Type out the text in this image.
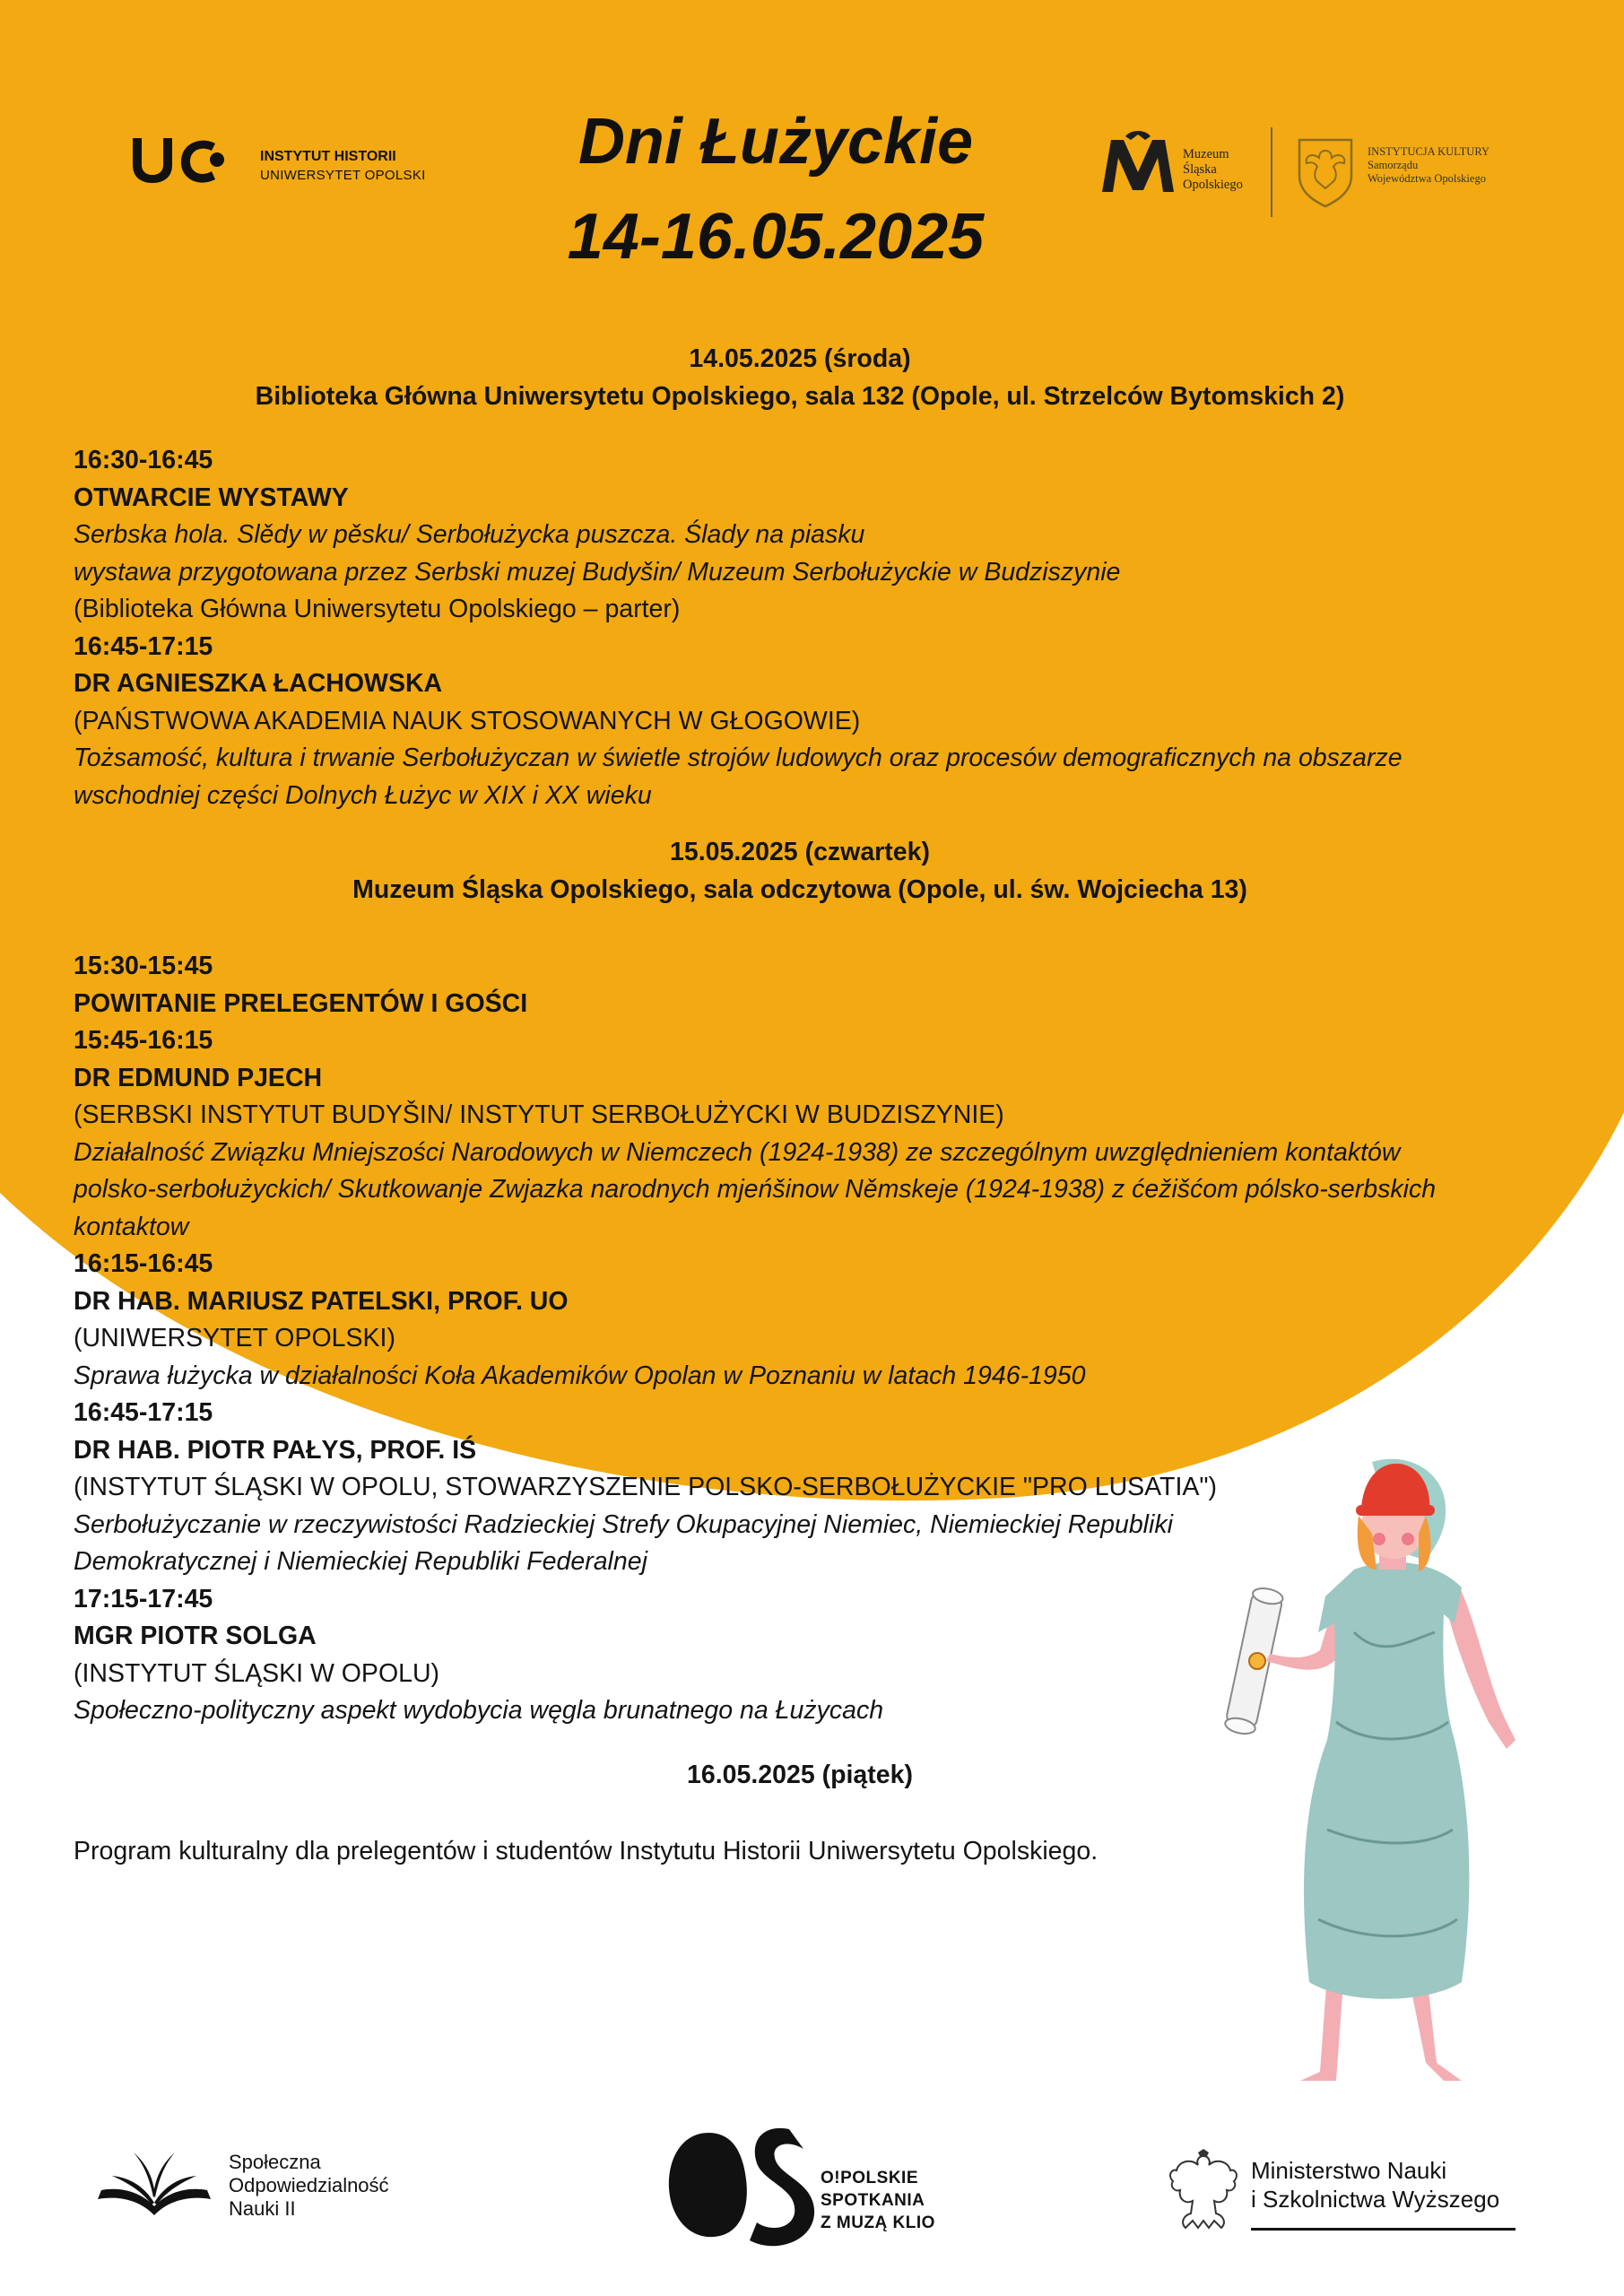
INSTYTUT HISTORII
UNIWERSYTET OPOLSKI	Dni Łużyckie
14-16.05.2025
Muzeum
Śląska
Opolskiego
INSTYTUCJA KULTURY
Samorządu
Województwa Opolskiego
14.05.2025 (środa)
Biblioteka Główna Uniwersytetu Opolskiego, sala 132 (Opole, ul. Strzelców Bytomskich 2)
16:30-16:45
OTWARCIE WYSTAWY
Serbska hola. Slědy w pěsku/ Serbołużycka puszcza. Ślady na piasku
wystawa przygotowana przez Serbski muzej Budyšin/ Muzeum Serbołużyckie w Budziszynie
(Biblioteka Główna Uniwersytetu Opolskiego – parter)
16:45-17:15
DR AGNIESZKA ŁACHOWSKA
(PAŃSTWOWA AKADEMIA NAUK STOSOWANYCH W GŁOGOWIE)
Tożsamość, kultura i trwanie Serbołużyczan w świetle strojów ludowych oraz procesów demograficznych na obszarze
wschodniej części Dolnych Łużyc w XIX i XX wieku
15.05.2025 (czwartek)
Muzeum Śląska Opolskiego, sala odczytowa (Opole, ul. św. Wojciecha 13)
15:30-15:45
POWITANIE PRELEGENTÓW I GOŚCI
15:45-16:15
DR EDMUND PJECH
(SERBSKI INSTYTUT BUDYŠIN/ INSTYTUT SERBOŁUŻYCKI W BUDZISZYNIE)
Działalność Związku Mniejszości Narodowych w Niemczech (1924-1938) ze szczególnym uwzględnieniem kontaktów
polsko-serbołużyckich/ Skutkowanje Zwjazka narodnych mjeńšinow Němskeje (1924-1938) z ćežišćom pólsko-serbskich
kontaktow
16:15-16:45
DR HAB. MARIUSZ PATELSKI, PROF. UO
(UNIWERSYTET OPOLSKI)
Sprawa łużycka w działalności Koła Akademików Opolan w Poznaniu w latach 1946-1950
16:45-17:15
DR HAB. PIOTR PAŁYS, PROF. IŚ
(INSTYTUT ŚLĄSKI W OPOLU, STOWARZYSZENIE POLSKO-SERBOŁUŻYCKIE "PRO LUSATIA")
Serbołużyczanie w rzeczywistości Radzieckiej Strefy Okupacyjnej Niemiec, Niemieckiej Republiki
Demokratycznej i Niemieckiej Republiki Federalnej
17:15-17:45
MGR PIOTR SOLGA
(INSTYTUT ŚLĄSKI W OPOLU)
Społeczno-polityczny aspekt wydobycia węgla brunatnego na Łużycach
16.05.2025 (piątek)
Program kulturalny dla prelegentów i studentów Instytutu Historii Uniwersytetu Opolskiego.
Społeczna
Odpowiedzialność
Nauki II
O!POLSKIE
SPOTKANIA
Z MUZĄ KLIO
Ministerstwo Nauki
i Szkolnictwa Wyższego
